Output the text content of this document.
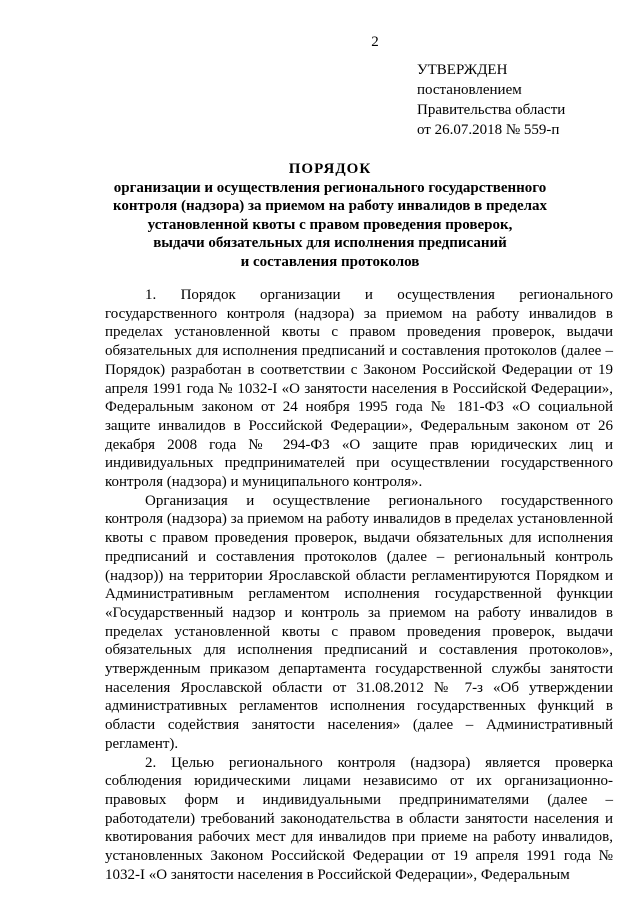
2
УТВЕРЖДЕН
постановлением
Правительства области
от 26.07.2018 № 559-п
ПОРЯДОК
организации и осуществления регионального государственного
контроля (надзора) за приемом на работу инвалидов в пределах
установленной квоты с правом проведения проверок,
выдачи обязательных для исполнения предписаний
и составления протоколов

1. Порядок организации и осуществления регионального государственного контроля (надзора) за приемом на работу инвалидов в пределах установленной квоты с правом проведения проверок, выдачи обязательных для исполнения предписаний и составления протоколов (далее – Порядок) разработан в соответствии с Законом Российской Федерации от 19 апреля 1991 года № 1032-I «О занятости населения в Российской Федерации», Федеральным законом от 24 ноября 1995 года № 181-ФЗ «О социальной защите инвалидов в Российской Федерации», Федеральным законом от 26 декабря 2008 года № 294-ФЗ «О защите прав юридических лиц и индивидуальных предпринимателей при осуществлении государственного контроля (надзора) и муниципального контроля».

Организация и осуществление регионального государственного контроля (надзора) за приемом на работу инвалидов в пределах установленной квоты с правом проведения проверок, выдачи обязательных для исполнения предписаний и составления протоколов (далее – региональный контроль (надзор)) на территории Ярославской области регламентируются Порядком и Административным регламентом исполнения государственной функции «Государственный надзор и контроль за приемом на работу инвалидов в пределах установленной квоты с правом проведения проверок, выдачи обязательных для исполнения предписаний и составления протоколов», утвержденным приказом департамента государственной службы занятости населения Ярославской области от 31.08.2012 № 7-з «Об утверждении административных регламентов исполнения государственных функций в области содействия занятости населения» (далее – Административный регламент).

2. Целью регионального контроля (надзора) является проверка соблюдения юридическими лицами независимо от их организационно-правовых форм и индивидуальными предпринимателями (далее – работодатели) требований законодательства в области занятости населения и квотирования рабочих мест для инвалидов при приеме на работу инвалидов, установленных Законом Российской Федерации от 19 апреля 1991 года № 1032-I «О занятости населения в Российской Федерации», Федеральным
